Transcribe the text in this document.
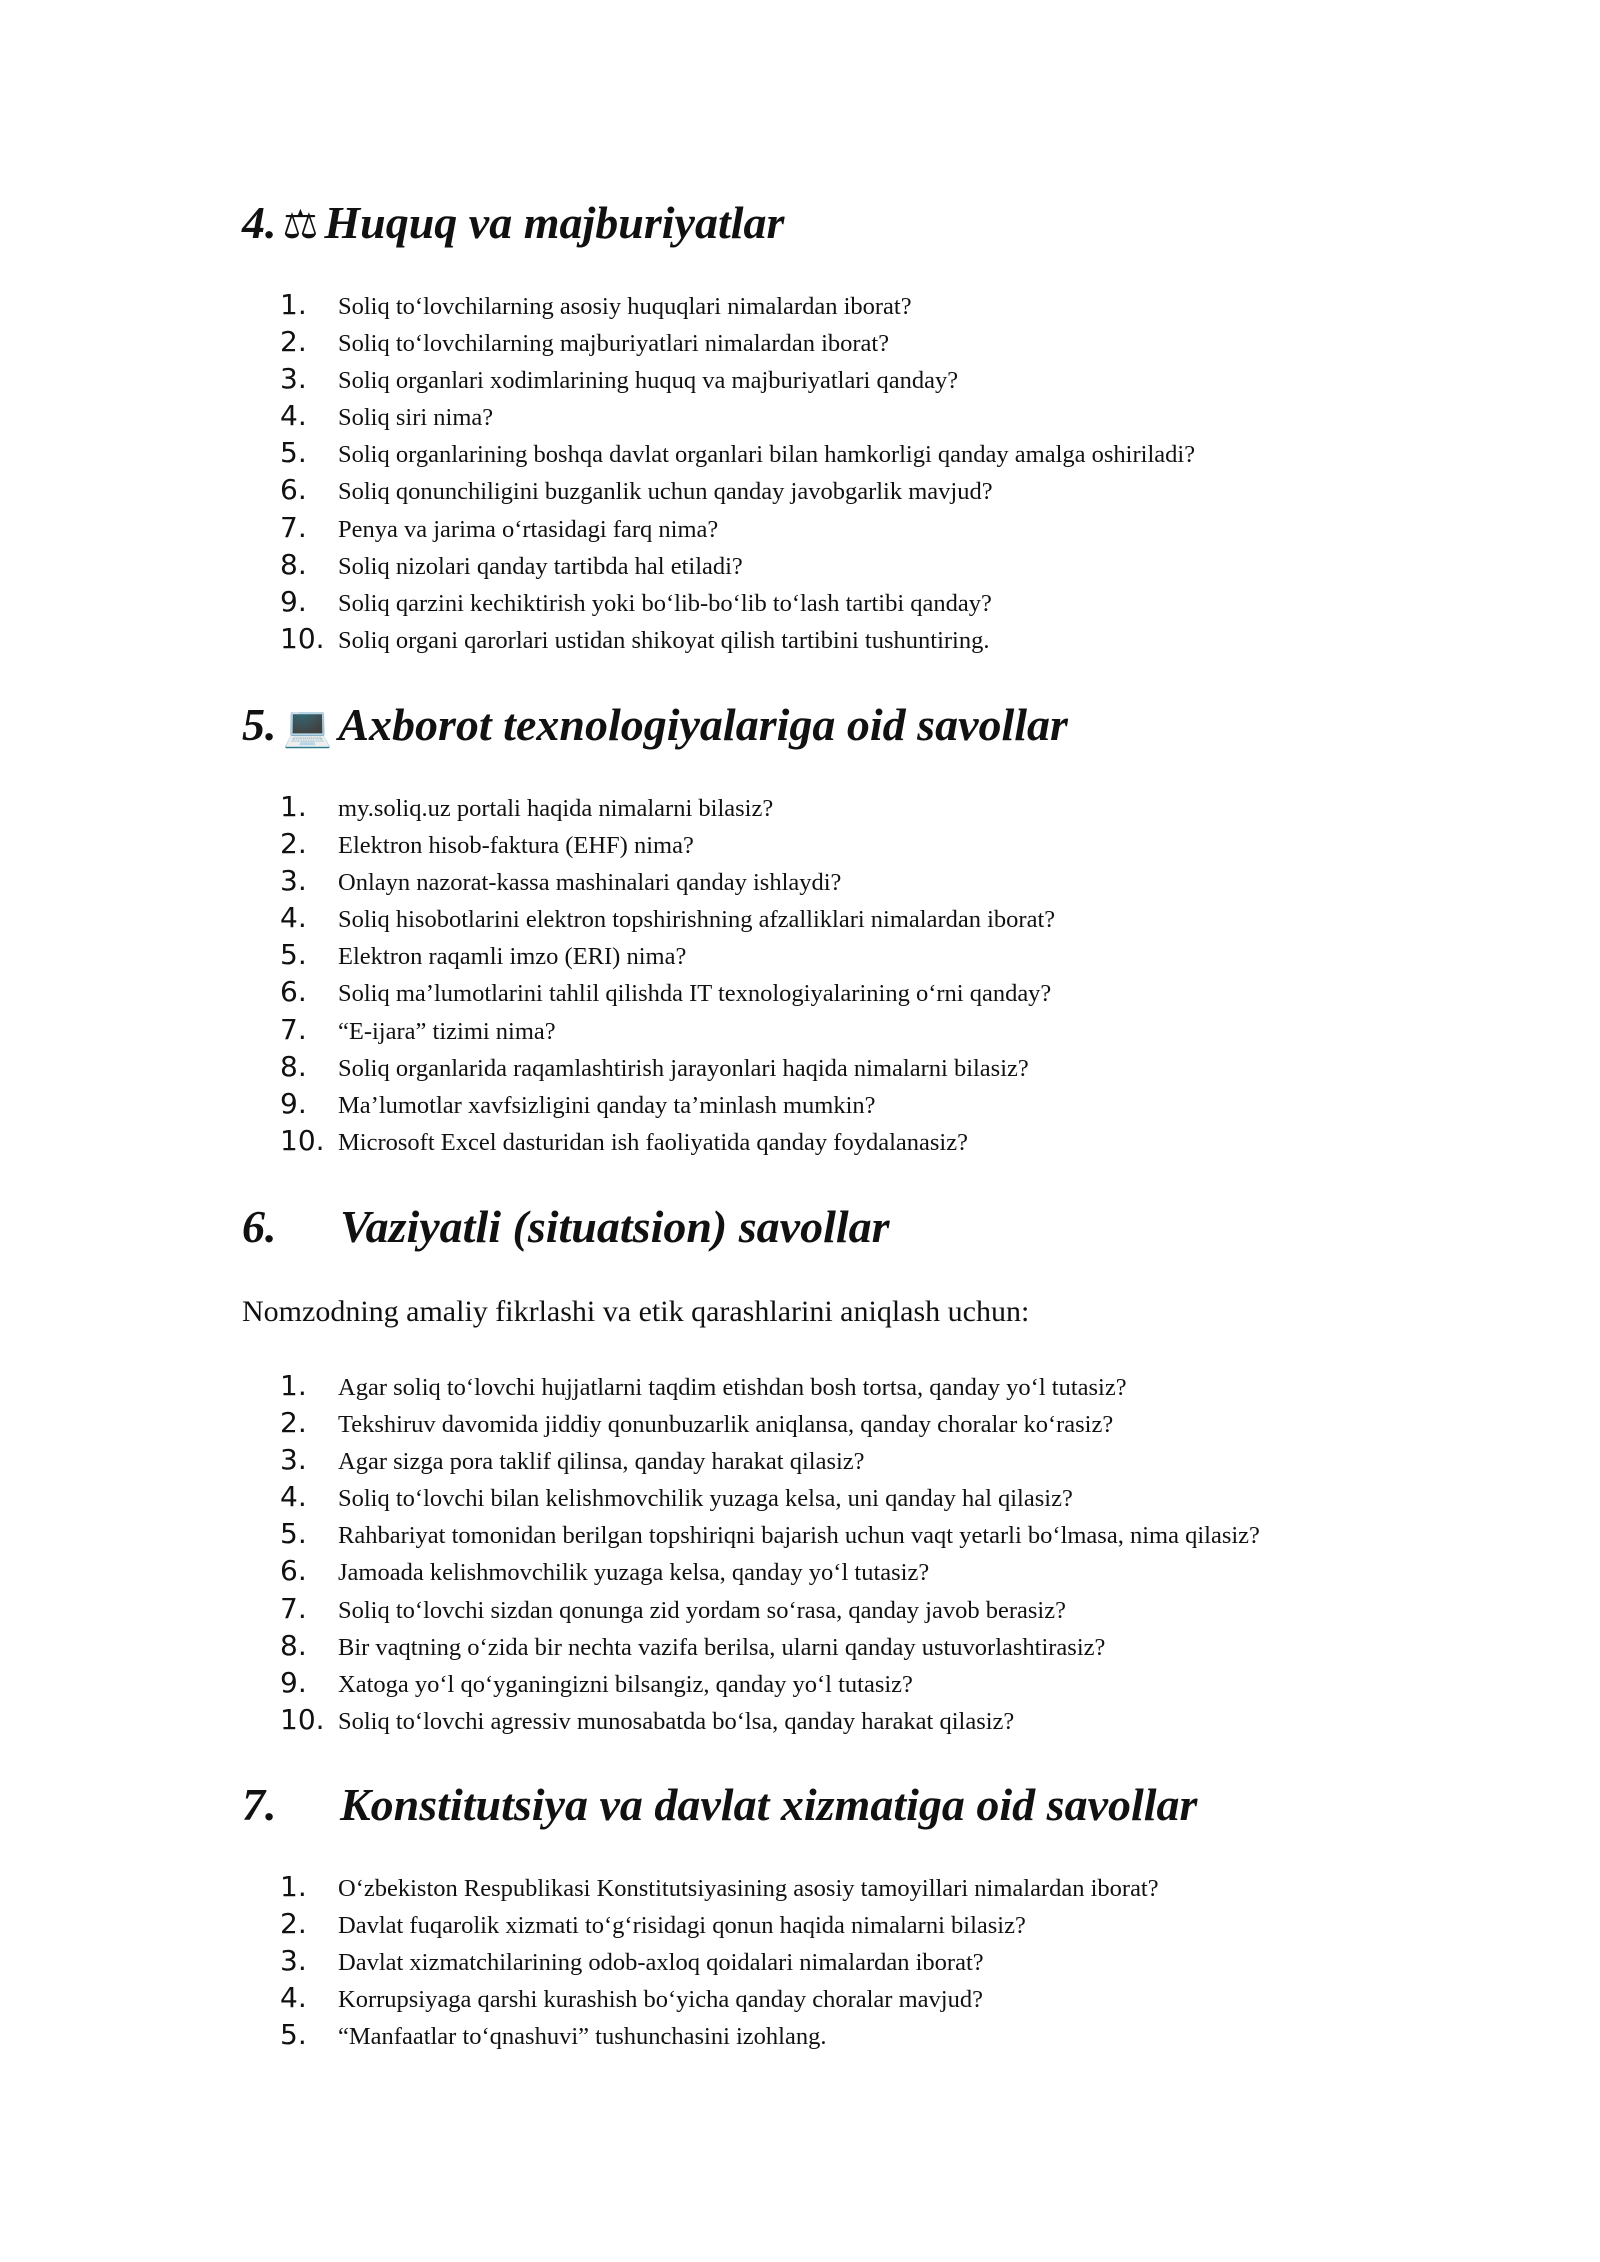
4. ⚖ Huquq va majburiyatlar
1.	Soliq to‘lovchilarning asosiy huquqlari nimalardan iborat?
2.	Soliq to‘lovchilarning majburiyatlari nimalardan iborat?
3.	Soliq organlari xodimlarining huquq va majburiyatlari qanday?
4.	Soliq siri nima?
5.	Soliq organlarining boshqa davlat organlari bilan hamkorligi qanday amalga oshiriladi?
6.	Soliq qonunchiligini buzganlik uchun qanday javobgarlik mavjud?
7.	Penya va jarima o‘rtasidagi farq nima?
8.	Soliq nizolari qanday tartibda hal etiladi?
9.	Soliq qarzini kechiktirish yoki bo‘lib-bo‘lib to‘lash tartibi qanday?
10. Soliq organi qarorlari ustidan shikoyat qilish tartibini tushuntiring.
5. 💻 Axborot texnologiyalariga oid savollar
1.	my.soliq.uz portali haqida nimalarni bilasiz?
2.	Elektron hisob-faktura (EHF) nima?
3.	Onlayn nazorat-kassa mashinalari qanday ishlaydi?
4.	Soliq hisobotlarini elektron topshirishning afzalliklari nimalardan iborat?
5.	Elektron raqamli imzo (ERI) nima?
6.	Soliq ma’lumotlarini tahlil qilishda IT texnologiyalarining o‘rni qanday?
7.	“E-ijara” tizimi nima?
8.	Soliq organlarida raqamlashtirish jarayonlari haqida nimalarni bilasiz?
9.	Ma’lumotlar xavfsizligini qanday ta’minlash mumkin?
10. Microsoft Excel dasturidan ish faoliyatida qanday foydalanasiz?
6. Vaziyatli (situatsion) savollar

Nomzodning amaliy fikrlashi va etik qarashlarini aniqlash uchun:

1.	Agar soliq to‘lovchi hujjatlarni taqdim etishdan bosh tortsa, qanday yo‘l tutasiz?
2.	Tekshiruv davomida jiddiy qonunbuzarlik aniqlansa, qanday choralar ko‘rasiz?
3.	Agar sizga pora taklif qilinsa, qanday harakat qilasiz?
4.	Soliq to‘lovchi bilan kelishmovchilik yuzaga kelsa, uni qanday hal qilasiz?
5.	Rahbariyat tomonidan berilgan topshiriqni bajarish uchun vaqt yetarli bo‘lmasa, nima qilasiz?
6.	Jamoada kelishmovchilik yuzaga kelsa, qanday yo‘l tutasiz?
7.	Soliq to‘lovchi sizdan qonunga zid yordam so‘rasa, qanday javob berasiz?
8.	Bir vaqtning o‘zida bir nechta vazifa berilsa, ularni qanday ustuvorlashtirasiz?
9.	Xatoga yo‘l qo‘yganingizni bilsangiz, qanday yo‘l tutasiz?
10. Soliq to‘lovchi agressiv munosabatda bo‘lsa, qanday harakat qilasiz?
7. Konstitutsiya va davlat xizmatiga oid savollar
1.	O‘zbekiston Respublikasi Konstitutsiyasining asosiy tamoyillari nimalardan iborat?
2.	Davlat fuqarolik xizmati to‘g‘risidagi qonun haqida nimalarni bilasiz?
3.	Davlat xizmatchilarining odob-axloq qoidalari nimalardan iborat?
4.	Korrupsiyaga qarshi kurashish bo‘yicha qanday choralar mavjud?
5.	“Manfaatlar to‘qnashuvi” tushunchasini izohlang.
